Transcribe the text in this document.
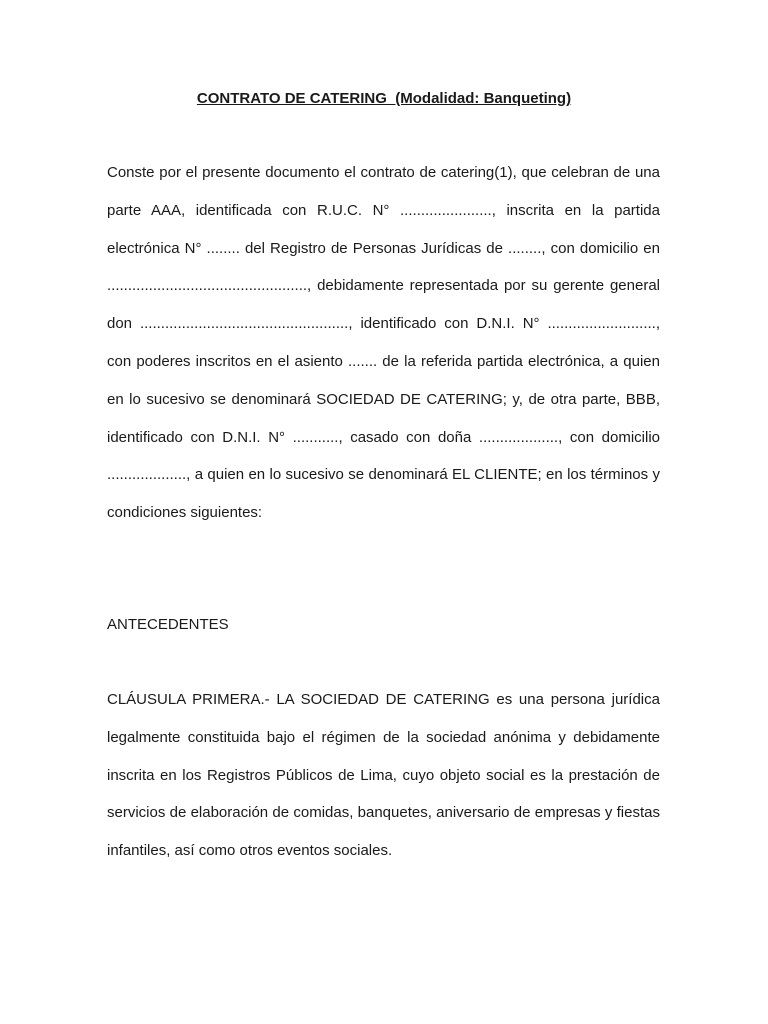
CONTRATO DE CATERING  (Modalidad: Banqueting)

Conste por el presente documento el contrato de catering(1), que celebran de una parte AAA, identificada con R.U.C. N° ......................, inscrita en la partida electrónica N° ........ del Registro de Personas Jurídicas de ........, con domicilio en ................................................, debidamente representada por su gerente general don .................................................., identificado con D.N.I. N° .........................., con poderes inscritos en el asiento ....... de la referida partida electrónica, a quien en lo sucesivo se denominará SOCIEDAD DE CATERING; y, de otra parte, BBB, identificado con D.N.I. N° ..........., casado con doña ..................., con domicilio ..................., a quien en lo sucesivo se denominará EL CLIENTE; en los términos y condiciones siguientes:

ANTECEDENTES

CLÁUSULA PRIMERA.- LA SOCIEDAD DE CATERING es una persona jurídica legalmente constituida bajo el régimen de la sociedad anónima y debidamente inscrita en los Registros Públicos de Lima, cuyo objeto social es la prestación de servicios de elaboración de comidas, banquetes, aniversario de empresas y fiestas infantiles, así como otros eventos sociales.
